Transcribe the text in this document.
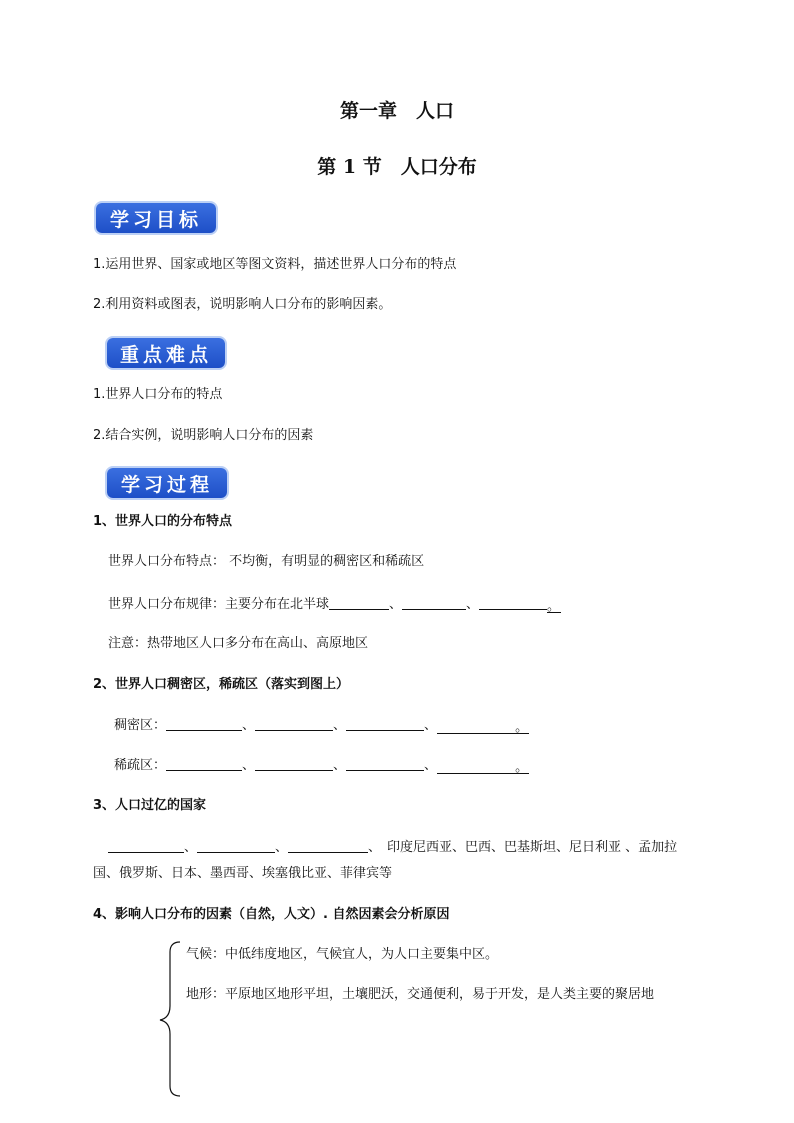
第一章　人口
第 1 节　人口分布
学习目标
1.运用世界、国家或地区等图文资料，描述世界人口分布的特点
2.利用资料或图表，说明影响人口分布的影响因素。
重点难点
1.世界人口分布的特点
2.结合实例，说明影响人口分布的因素
学习过程
1、世界人口的分布特点
世界人口分布特点： 不均衡，有明显的稠密区和稀疏区
世界人口分布规律：主要分布在北半球	、	、	。
注意：热带地区人口多分布在高山、高原地区
2、世界人口稠密区，稀疏区（落实到图上）
稠密区：	、	、	、	。
稀疏区：	、	、	、	。
3、人口过亿的国家
、	、	、 印度尼西亚、巴西、巴基斯坦、尼日利亚 、孟加拉
国、俄罗斯、日本、墨西哥、埃塞俄比亚、菲律宾等
4、影响人口分布的因素（自然，人文）. 自然因素会分析原因
气候：中低纬度地区，气候宜人，为人口主要集中区。
地形：平原地区地形平坦，土壤肥沃，交通便利，易于开发，是人类主要的聚居地
